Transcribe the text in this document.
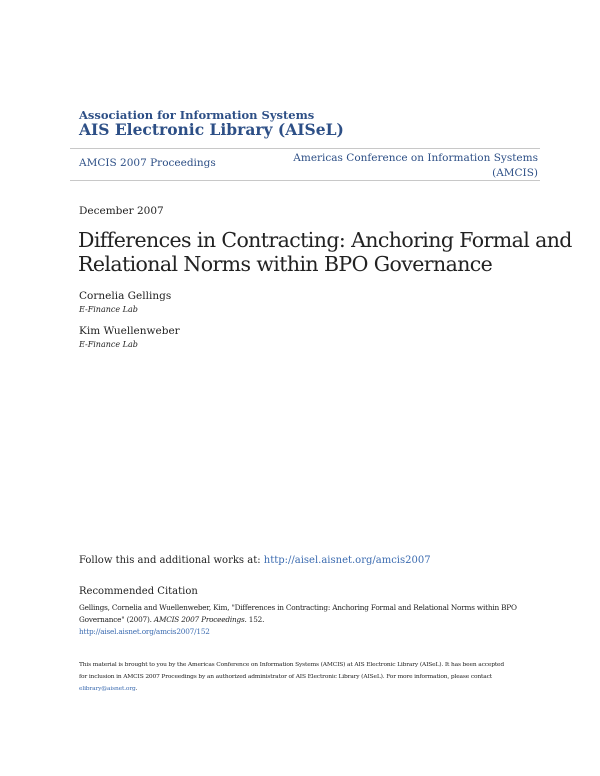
Association for Information Systems
AIS Electronic Library (AISeL)
AMCIS 2007 Proceedings	Americas Conference on Information Systems
(AMCIS)
December 2007
Differences in Contracting: Anchoring Formal and
Relational Norms within BPO Governance
Cornelia Gellings
E-Finance Lab
Kim Wuellenweber
E-Finance Lab
Follow this and additional works at: http://aisel.aisnet.org/amcis2007
Recommended Citation
Gellings, Cornelia and Wuellenweber, Kim, "Differences in Contracting: Anchoring Formal and Relational Norms within BPO
Governance" (2007). AMCIS 2007 Proceedings. 152.
http://aisel.aisnet.org/amcis2007/152
This material is brought to you by the Americas Conference on Information Systems (AMCIS) at AIS Electronic Library (AISeL). It has been accepted
for inclusion in AMCIS 2007 Proceedings by an authorized administrator of AIS Electronic Library (AISeL). For more information, please contact
elibrary@aisnet.org.
